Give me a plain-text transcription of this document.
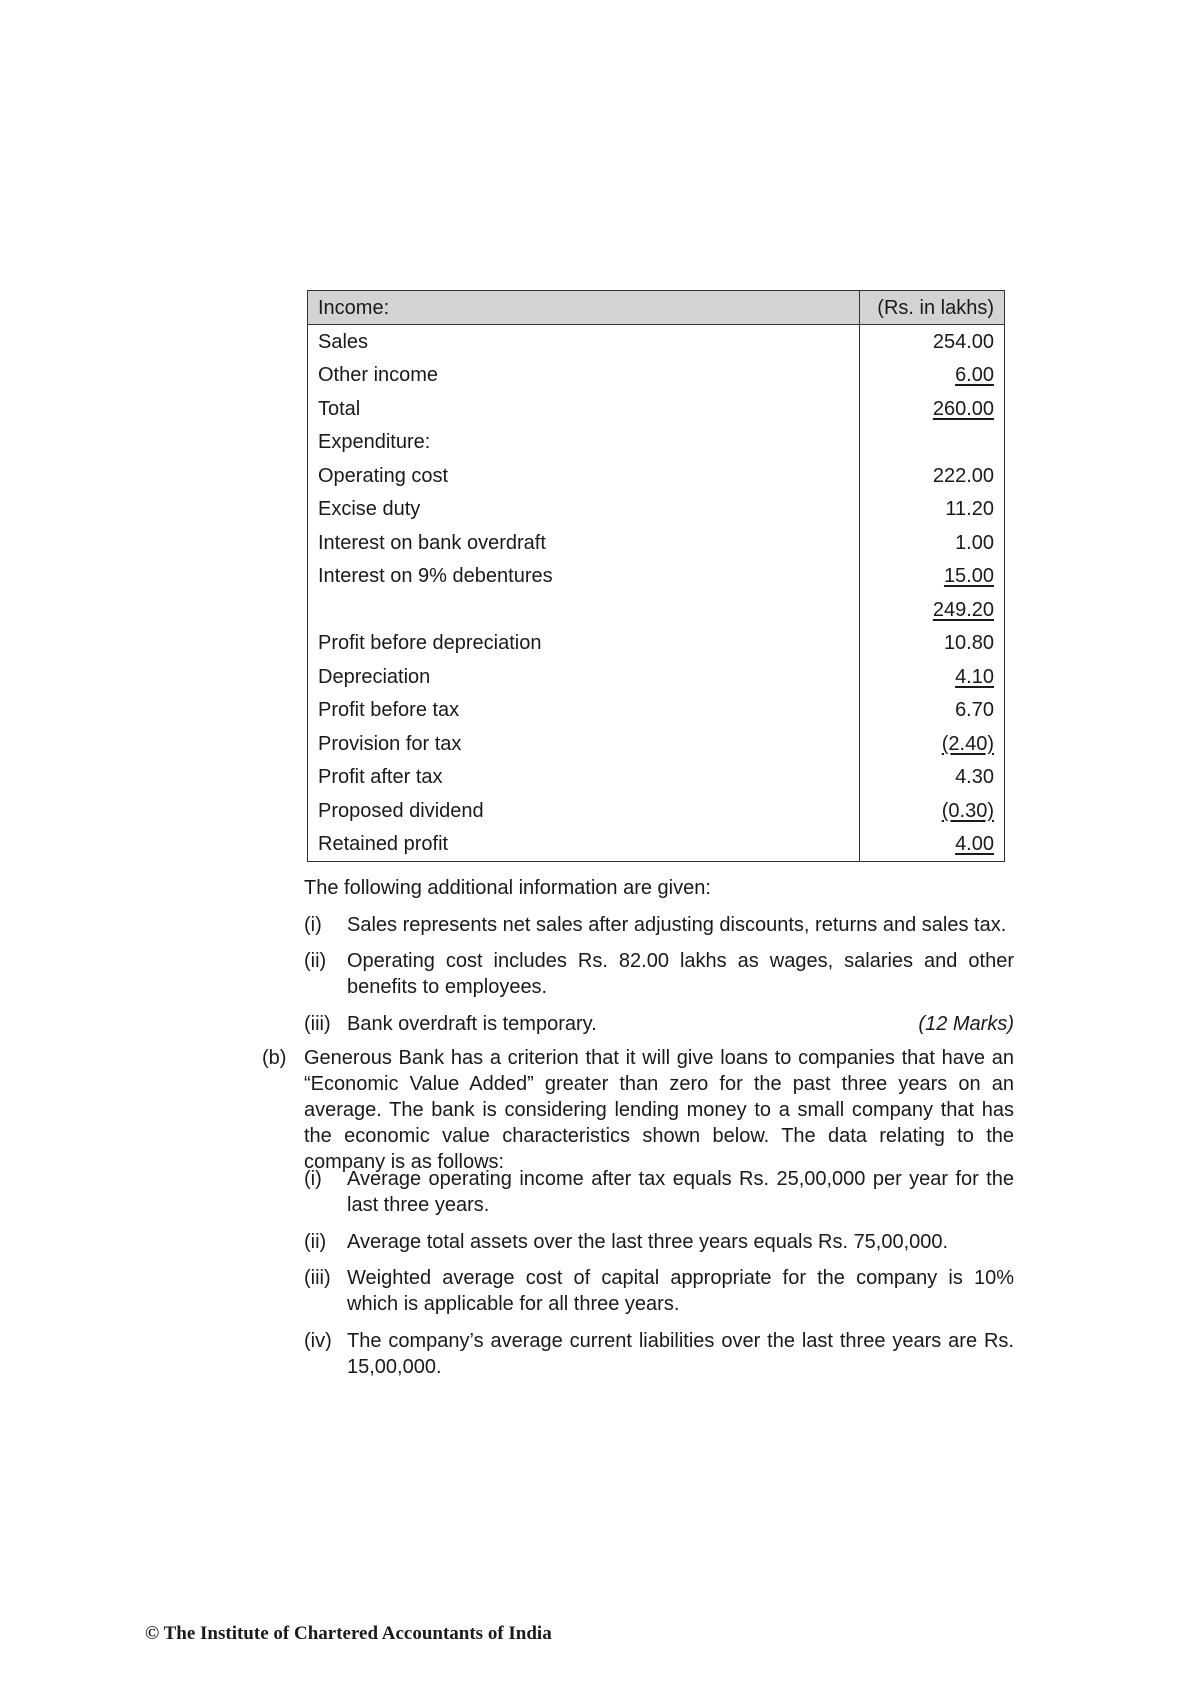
Income:	(Rs. in lakhs)
Sales	254.00
Other income	6.00
Total	260.00
Expenditure:	
Operating cost	222.00
Excise duty	11.20
Interest on bank overdraft	1.00
Interest on 9% debentures	15.00
	249.20
Profit before depreciation	10.80
Depreciation	4.10
Profit before tax	6.70
Provision for tax	(2.40)
Profit after tax	4.30
Proposed dividend	(0.30)
Retained profit	4.00
The following additional information are given:
(i) Sales represents net sales after adjusting discounts, returns and sales tax.
(ii) Operating cost includes Rs. 82.00 lakhs as wages, salaries and other benefits to employees.
(iii) Bank overdraft is temporary.	(12 Marks)
(b) Generous Bank has a criterion that it will give loans to companies that have an “Economic Value Added” greater than zero for the past three years on an average. The bank is considering lending money to a small company that has the economic value characteristics shown below. The data relating to the company is as follows:
(i) Average operating income after tax equals Rs. 25,00,000 per year for the last three years.
(ii) Average total assets over the last three years equals Rs. 75,00,000.
(iii) Weighted average cost of capital appropriate for the company is 10% which is applicable for all three years.
(iv) The company’s average current liabilities over the last three years are Rs. 15,00,000.
© The Institute of Chartered Accountants of India
